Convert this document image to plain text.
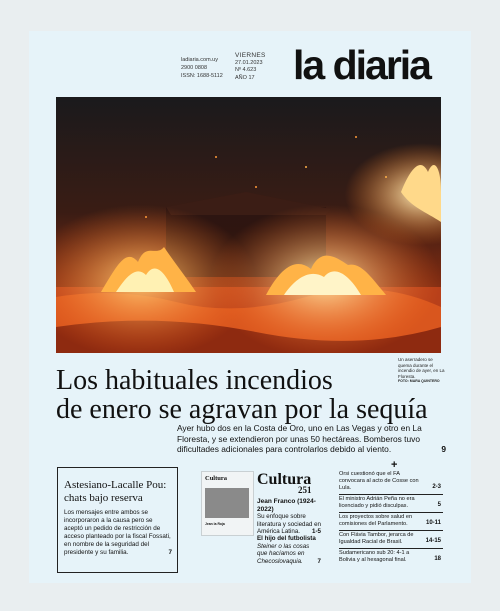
ladiaria.com.uy
2900 0808
ISSN: 1688-5112
VIERNES
27.01.2023
Nº 4.623
AÑO 17 la diaria
Un aserradero se quema durante el incendio de ayer, en La Floresta.
FOTO: MARA QUINTERO
Los habituales incendios
de enero se agravan por la sequía
Ayer hubo dos en la Costa de Oro, uno en Las Vegas y otro en La Floresta, y se extendieron por unas 50 hectáreas. Bomberos tuvo dificultades adicionales para controlarlos debido al viento.	9
Astesiano-Lacalle Pou: chats bajo reserva
Los mensajes entre ambos se incorporaron a la causa pero se aceptó un pedido de restricción de acceso planteado por la fiscal Fossati, en nombre de la seguridad del presidente y su familia.	7
Cultura
Jean la Roja
Cultura
251
Jean Franco (1924-2022)
Su enfoque sobre literatura y sociedad en América Latina. 1-5
El hijo del futbolista
Steiner o las cosas que hacíamos en Checoslovaquia. 7
+
Orsi cuestionó que el FA convocara al acto de Cosse con Lula.	2-3
El ministro Adrián Peña no era licenciado y pidió disculpas.	5
Los proyectos sobre salud en comisiones del Parlamento.	10-11
Con Flávia Tambor, jerarca de Igualdad Racial de Brasil.	14-15
Sudamericano sub 20: 4-1 a Bolivia y al hexagonal final.	18
